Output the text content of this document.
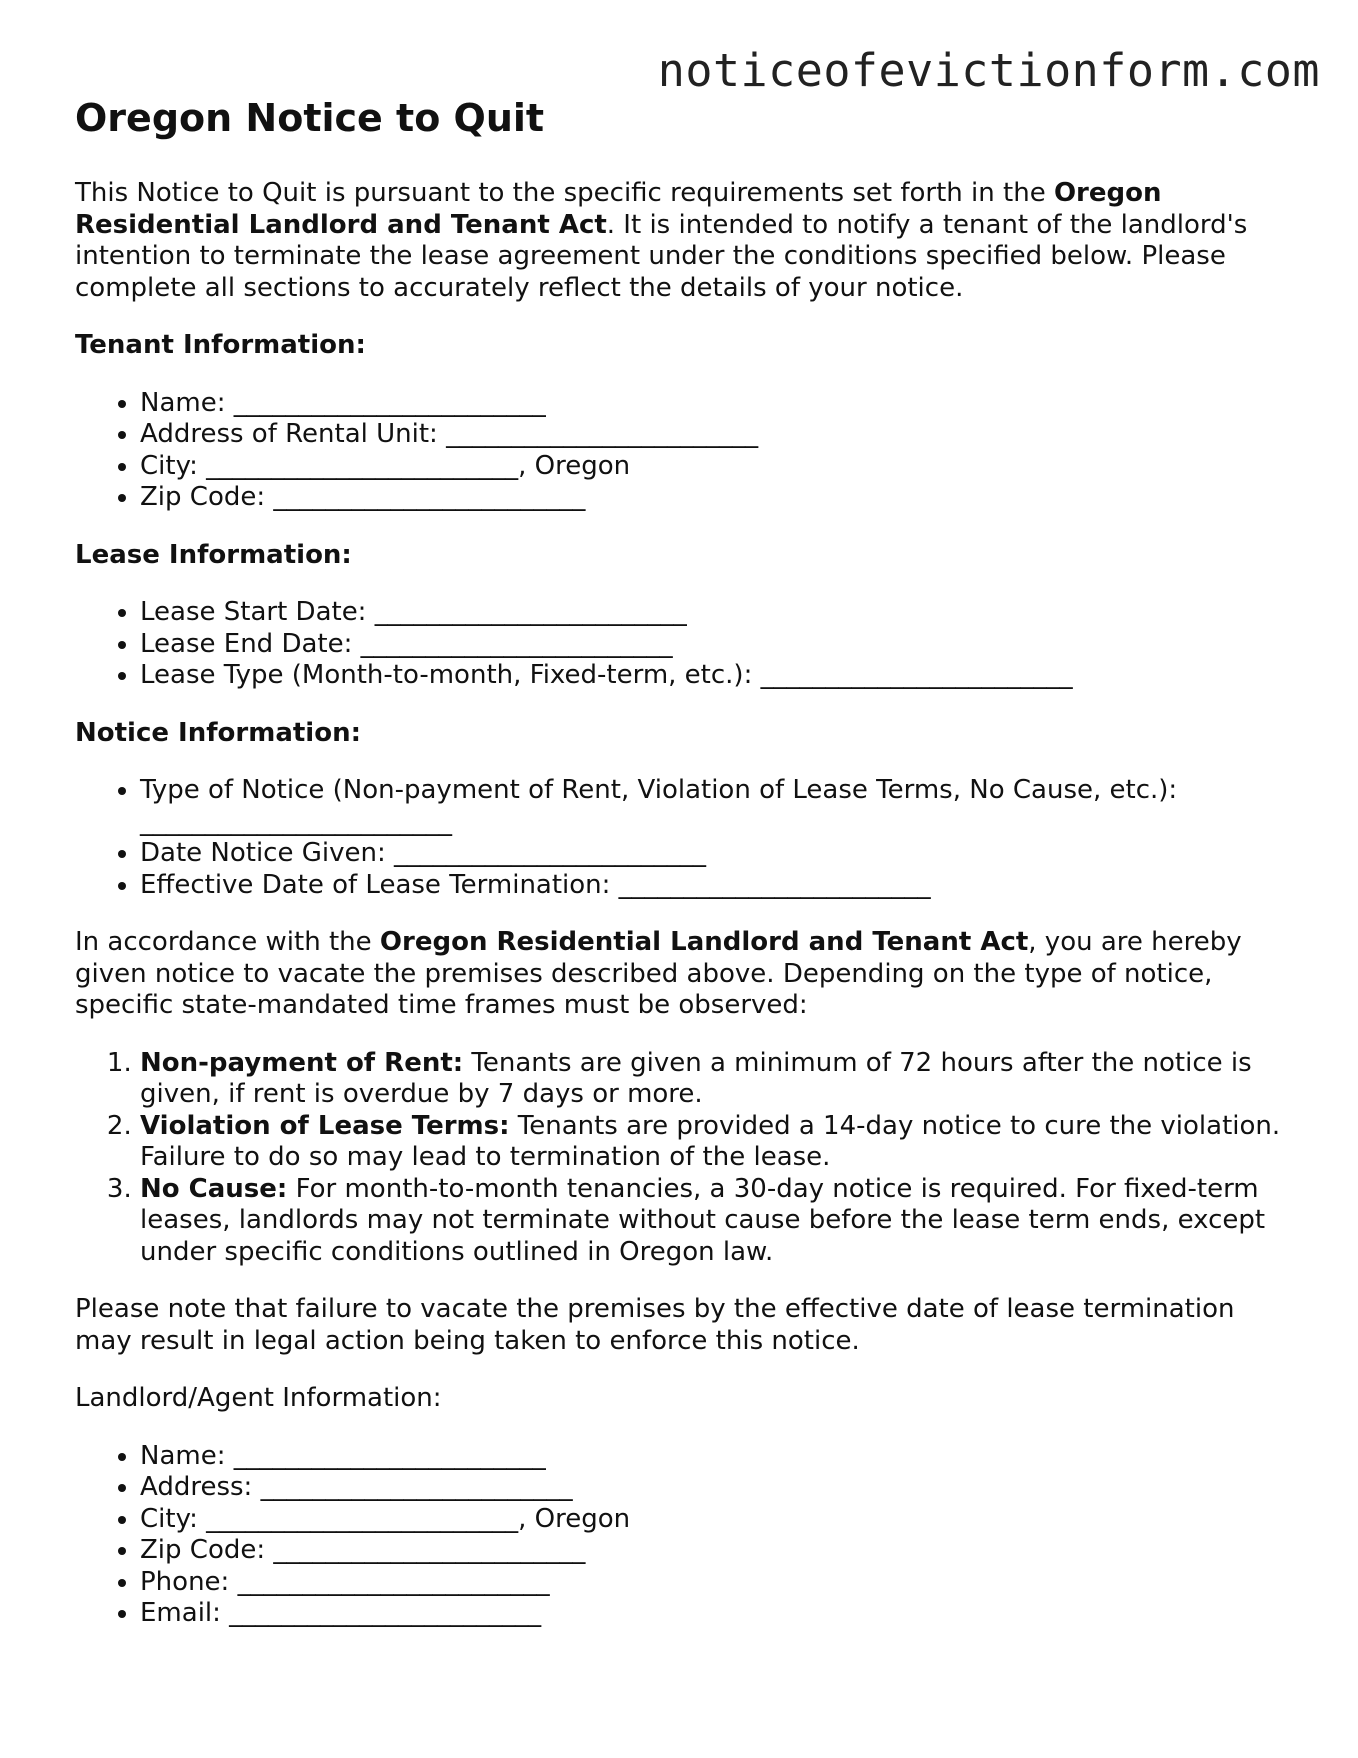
noticeofevictionform.com
Oregon Notice to Quit

This Notice to Quit is pursuant to the specific requirements set forth in the Oregon Residential Landlord and Tenant Act. It is intended to notify a tenant of the landlord's intention to terminate the lease agreement under the conditions specified below. Please complete all sections to accurately reflect the details of your notice.

Tenant Information:
• Name: ________________________
• Address of Rental Unit: ________________________
• City: ________________________, Oregon
• Zip Code: ________________________
Lease Information:
• Lease Start Date: ________________________
• Lease End Date: ________________________
• Lease Type (Month-to-month, Fixed-term, etc.): ________________________
Notice Information:
• Type of Notice (Non-payment of Rent, Violation of Lease Terms, No Cause, etc.): ________________________
• Date Notice Given: ________________________
• Effective Date of Lease Termination: ________________________

In accordance with the Oregon Residential Landlord and Tenant Act, you are hereby given notice to vacate the premises described above. Depending on the type of notice, specific state-mandated time frames must be observed:

1. Non-payment of Rent: Tenants are given a minimum of 72 hours after the notice is given, if rent is overdue by 7 days or more.
2. Violation of Lease Terms: Tenants are provided a 14-day notice to cure the violation. Failure to do so may lead to termination of the lease.
3. No Cause: For month-to-month tenancies, a 30-day notice is required. For fixed-term leases, landlords may not terminate without cause before the lease term ends, except under specific conditions outlined in Oregon law.

Please note that failure to vacate the premises by the effective date of lease termination may result in legal action being taken to enforce this notice.

Landlord/Agent Information:

• Name: ________________________
• Address: ________________________
• City: ________________________, Oregon
• Zip Code: ________________________
• Phone: ________________________
• Email: ________________________
